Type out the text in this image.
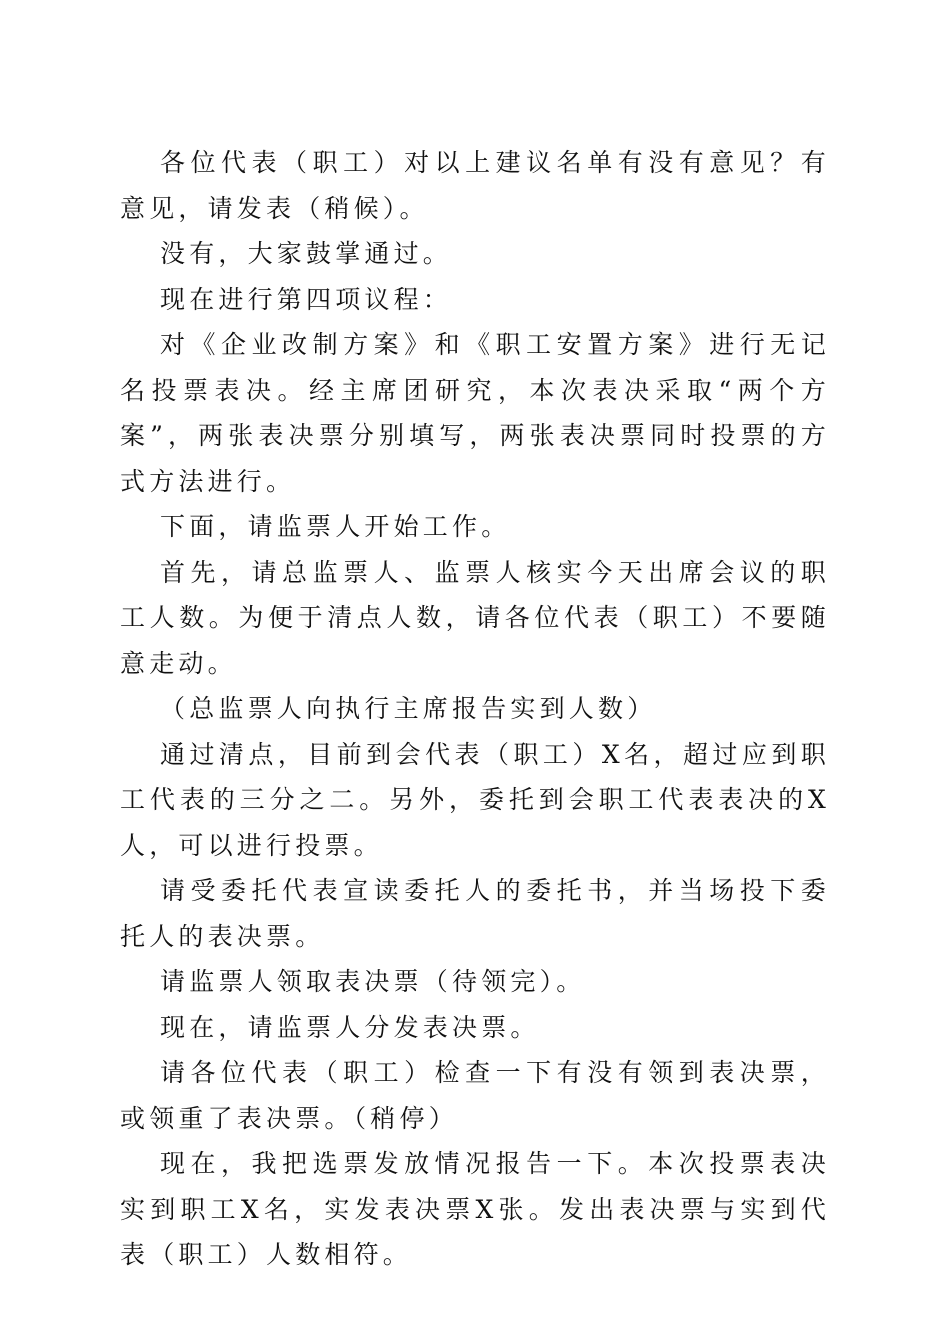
各位代表（职工）对以上建议名单有没有意见？有意见，请发表（稍候）。

没有，大家鼓掌通过。

现在进行第四项议程：

对《企业改制方案》和《职工安置方案》进行无记名投票表决。经主席团研究，本次表决采取“两个方案”，两张表决票分别填写，两张表决票同时投票的方式方法进行。

下面，请监票人开始工作。

首先，请总监票人、监票人核实今天出席会议的职工人数。为便于清点人数，请各位代表（职工）不要随意走动。

（总监票人向执行主席报告实到人数）

通过清点，目前到会代表（职工）X名，超过应到职工代表的三分之二。另外，委托到会职工代表表决的X人，可以进行投票。

请受委托代表宣读委托人的委托书，并当场投下委托人的表决票。

请监票人领取表决票（待领完）。

现在，请监票人分发表决票。

请各位代表（职工）检查一下有没有领到表决票，或领重了表决票。（稍停）

现在，我把选票发放情况报告一下。本次投票表决实到职工X名，实发表决票X张。发出表决票与实到代表（职工）人数相符。
